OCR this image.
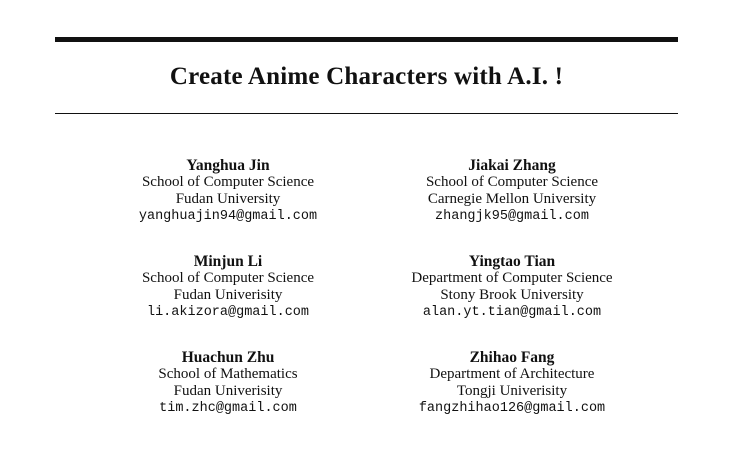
Create Anime Characters with A.I. !
Yanghua Jin
School of Computer Science
Fudan University
yanghuajin94@gmail.com
Jiakai Zhang
School of Computer Science
Carnegie Mellon University
zhangjk95@gmail.com
Minjun Li
School of Computer Science
Fudan Univerisity
li.akizora@gmail.com
Yingtao Tian
Department of Computer Science
Stony Brook University
alan.yt.tian@gmail.com
Huachun Zhu
School of Mathematics
Fudan Univerisity
tim.zhc@gmail.com
Zhihao Fang
Department of Architecture
Tongji Univerisity
fangzhihao126@gmail.com
